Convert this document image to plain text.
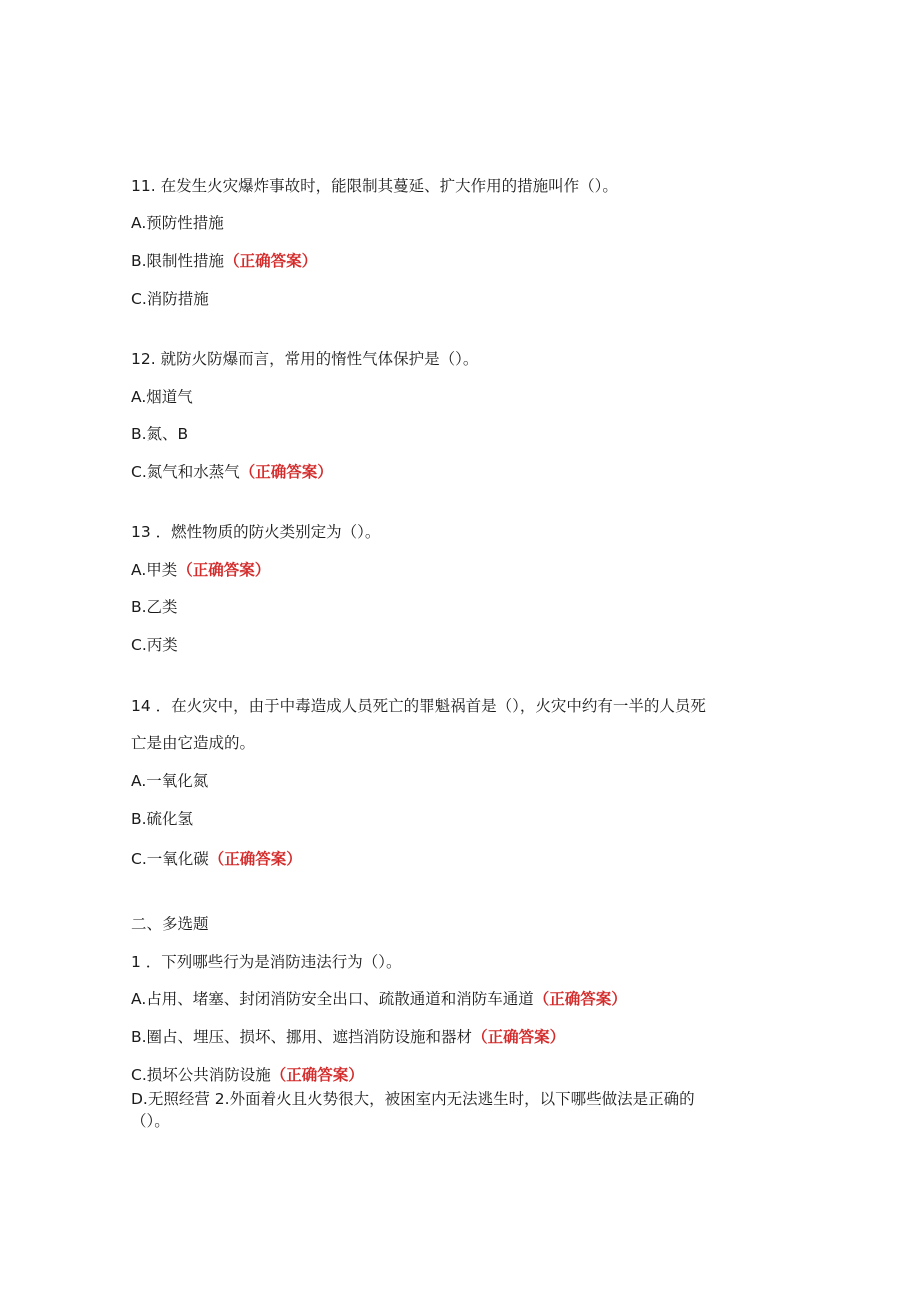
11. 在发生火灾爆炸事故时，能限制其蔓延、扩大作用的措施叫作（）。
A.预防性措施
B.限制性措施（正确答案）
C.消防措施
12. 就防火防爆而言，常用的惰性气体保护是（）。
A.烟道气
B.氮、B
C.氮气和水蒸气（正确答案）
13 ．燃性物质的防火类别定为（）。
A.甲类（正确答案）
B.乙类
C.丙类
14 ．在火灾中，由于中毒造成人员死亡的罪魁祸首是（），火灾中约有一半的人员死
亡是由它造成的。
A.一氧化氮
B.硫化氢
C.一氧化碳（正确答案）
二、多选题
1 ．下列哪些行为是消防违法行为（）。
A.占用、堵塞、封闭消防安全出口、疏散通道和消防车通道（正确答案）
B.圈占、埋压、损坏、挪用、遮挡消防设施和器材（正确答案）
C.损坏公共消防设施（正确答案）
D.无照经营 2.外面着火且火势很大，被困室内无法逃生时，以下哪些做法是正确的
（）。
